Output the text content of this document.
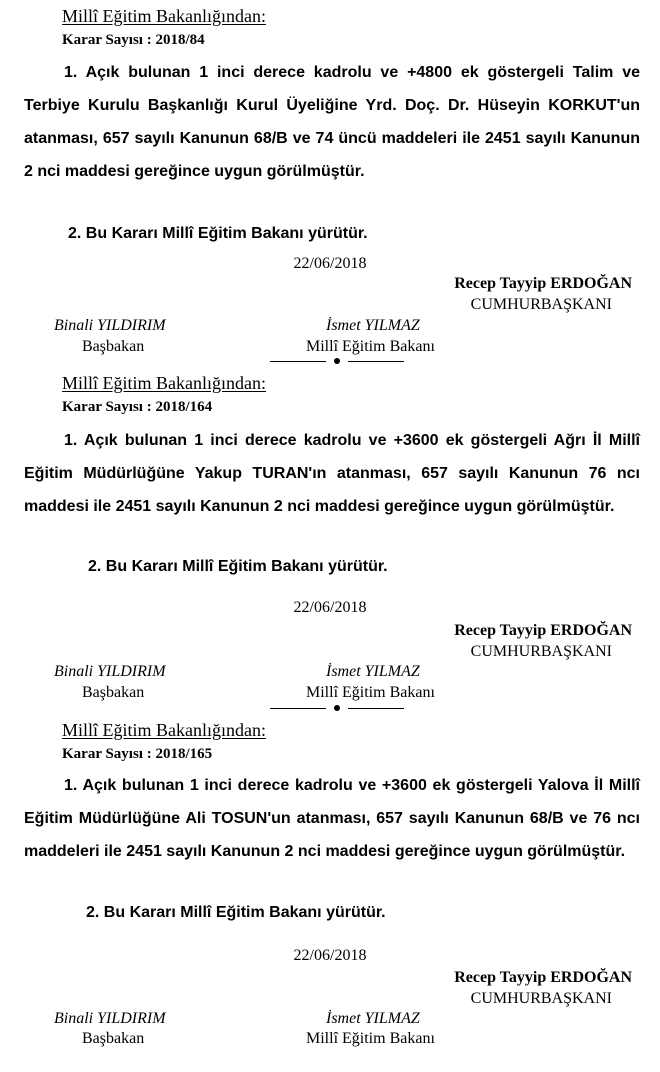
Millî Eğitim Bakanlığından:
Karar Sayısı : 2018/84

1. Açık bulunan 1 inci derece kadrolu ve +4800 ek göstergeli Talim ve Terbiye Kurulu Başkanlığı Kurul Üyeliğine Yrd. Doç. Dr. Hüseyin KORKUT'un atanması, 657 sayılı Kanunun 68/B ve 74 üncü maddeleri ile 2451 sayılı Kanunun 2 nci maddesi gereğince uygun görülmüştür.

2. Bu Kararı Millî Eğitim Bakanı yürütür.

22/06/2018
Recep Tayyip ERDOĞAN
CUMHURBAŞKANI
Binali YILDIRIM
Başbakan
İsmet YILMAZ
Millî Eğitim Bakanı
Millî Eğitim Bakanlığından:
Karar Sayısı : 2018/164

1. Açık bulunan 1 inci derece kadrolu ve +3600 ek göstergeli Ağrı İl Millî Eğitim Müdürlüğüne Yakup TURAN'ın atanması, 657 sayılı Kanunun 76 ncı maddesi ile 2451 sayılı Kanunun 2 nci maddesi gereğince uygun görülmüştür.

2. Bu Kararı Millî Eğitim Bakanı yürütür.

22/06/2018
Recep Tayyip ERDOĞAN
CUMHURBAŞKANI
Binali YILDIRIM
Başbakan
İsmet YILMAZ
Millî Eğitim Bakanı
Millî Eğitim Bakanlığından:
Karar Sayısı : 2018/165

1. Açık bulunan 1 inci derece kadrolu ve +3600 ek göstergeli Yalova İl Millî Eğitim Müdürlüğüne Ali TOSUN'un atanması, 657 sayılı Kanunun 68/B ve 76 ncı maddeleri ile 2451 sayılı Kanunun 2 nci maddesi gereğince uygun görülmüştür.

2. Bu Kararı Millî Eğitim Bakanı yürütür.

22/06/2018
Recep Tayyip ERDOĞAN
CUMHURBAŞKANI
Binali YILDIRIM
Başbakan
İsmet YILMAZ
Millî Eğitim Bakanı
